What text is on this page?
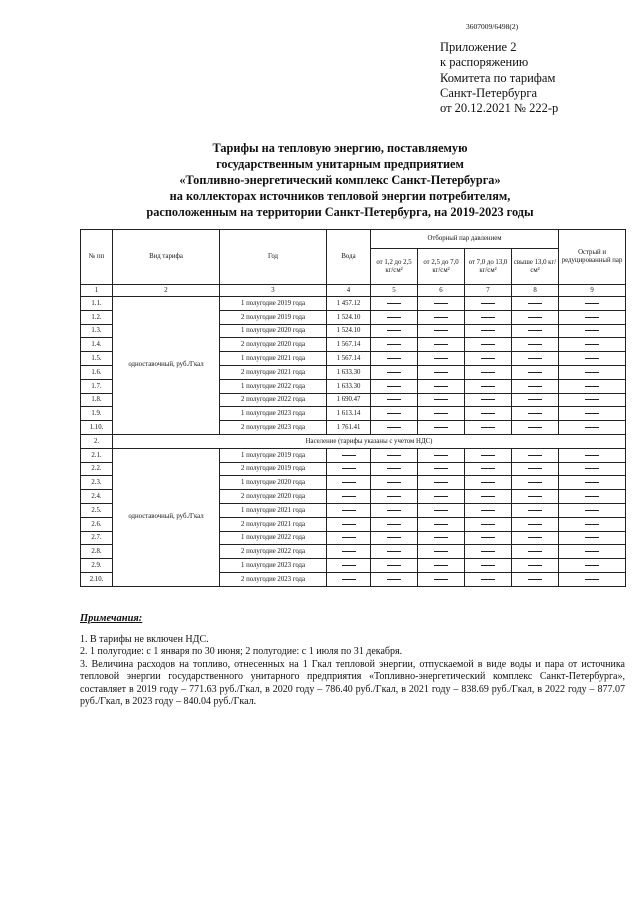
3607009/6498(2)
Приложение 2
к распоряжению
Комитета по тарифам
Санкт-Петербурга
от 20.12.2021 № 222-р
Тарифы на тепловую энергию, поставляемую
государственным унитарным предприятием
«Топливно-энергетический комплекс Санкт-Петербурга»
на коллекторах источников тепловой энергии потребителям,
расположенным на территории Санкт-Петербурга, на 2019-2023 годы
№ пп	Вид тарифа	Год	Вода	Отборный пар давлением				Острый и редуцированный пар
				от 1,2 до 2,5 кг/см²	от 2,5 до 7,0 кг/см²	от 7,0 до 13,0 кг/см²	свыше 13,0 кг/см²	
1	2	3	4	5	6	7	8	9
1.1.	одноставочный, руб./Гкал	1 полугодие 2019 года	1 457.12					
1.2.		2 полугодие 2019 года	1 524.10					
1.3.		1 полугодие 2020 года	1 524.10					
1.4.		2 полугодие 2020 года	1 567.14					
1.5.		1 полугодие 2021 года	1 567.14					
1.6.		2 полугодие 2021 года	1 633.30					
1.7.		1 полугодие 2022 года	1 633.30					
1.8.		2 полугодие 2022 года	1 690.47					
1.9.		1 полугодие 2023 года	1 613.14					
1.10.		2 полугодие 2023 года	1 761.41					
2.	Население (тарифы указаны с учетом НДС)							
2.1.	одноставочный, руб./Гкал	1 полугодие 2019 года						
2.2.		2 полугодие 2019 года						
2.3.		1 полугодие 2020 года						
2.4.		2 полугодие 2020 года						
2.5.		1 полугодие 2021 года						
2.6.		2 полугодие 2021 года						
2.7.		1 полугодие 2022 года						
2.8.		2 полугодие 2022 года						
2.9.		1 полугодие 2023 года						
2.10.		2 полугодие 2023 года						
Примечания:

1. В тарифы не включен НДС.

2. 1 полугодие: с 1 января по 30 июня; 2 полугодие: с 1 июля по 31 декабря.

3. Величина расходов на топливо, отнесенных на 1 Гкал тепловой энергии, отпускаемой в виде воды и пара от источника тепловой энергии государственного унитарного предприятия «Топливно-энергетический комплекс Санкт-Петербурга», составляет в 2019 году – 771.63 руб./Гкал, в 2020 году – 786.40 руб./Гкал, в 2021 году – 838.69 руб./Гкал, в 2022 году – 877.07 руб./Гкал, в 2023 году – 840.04 руб./Гкал.
